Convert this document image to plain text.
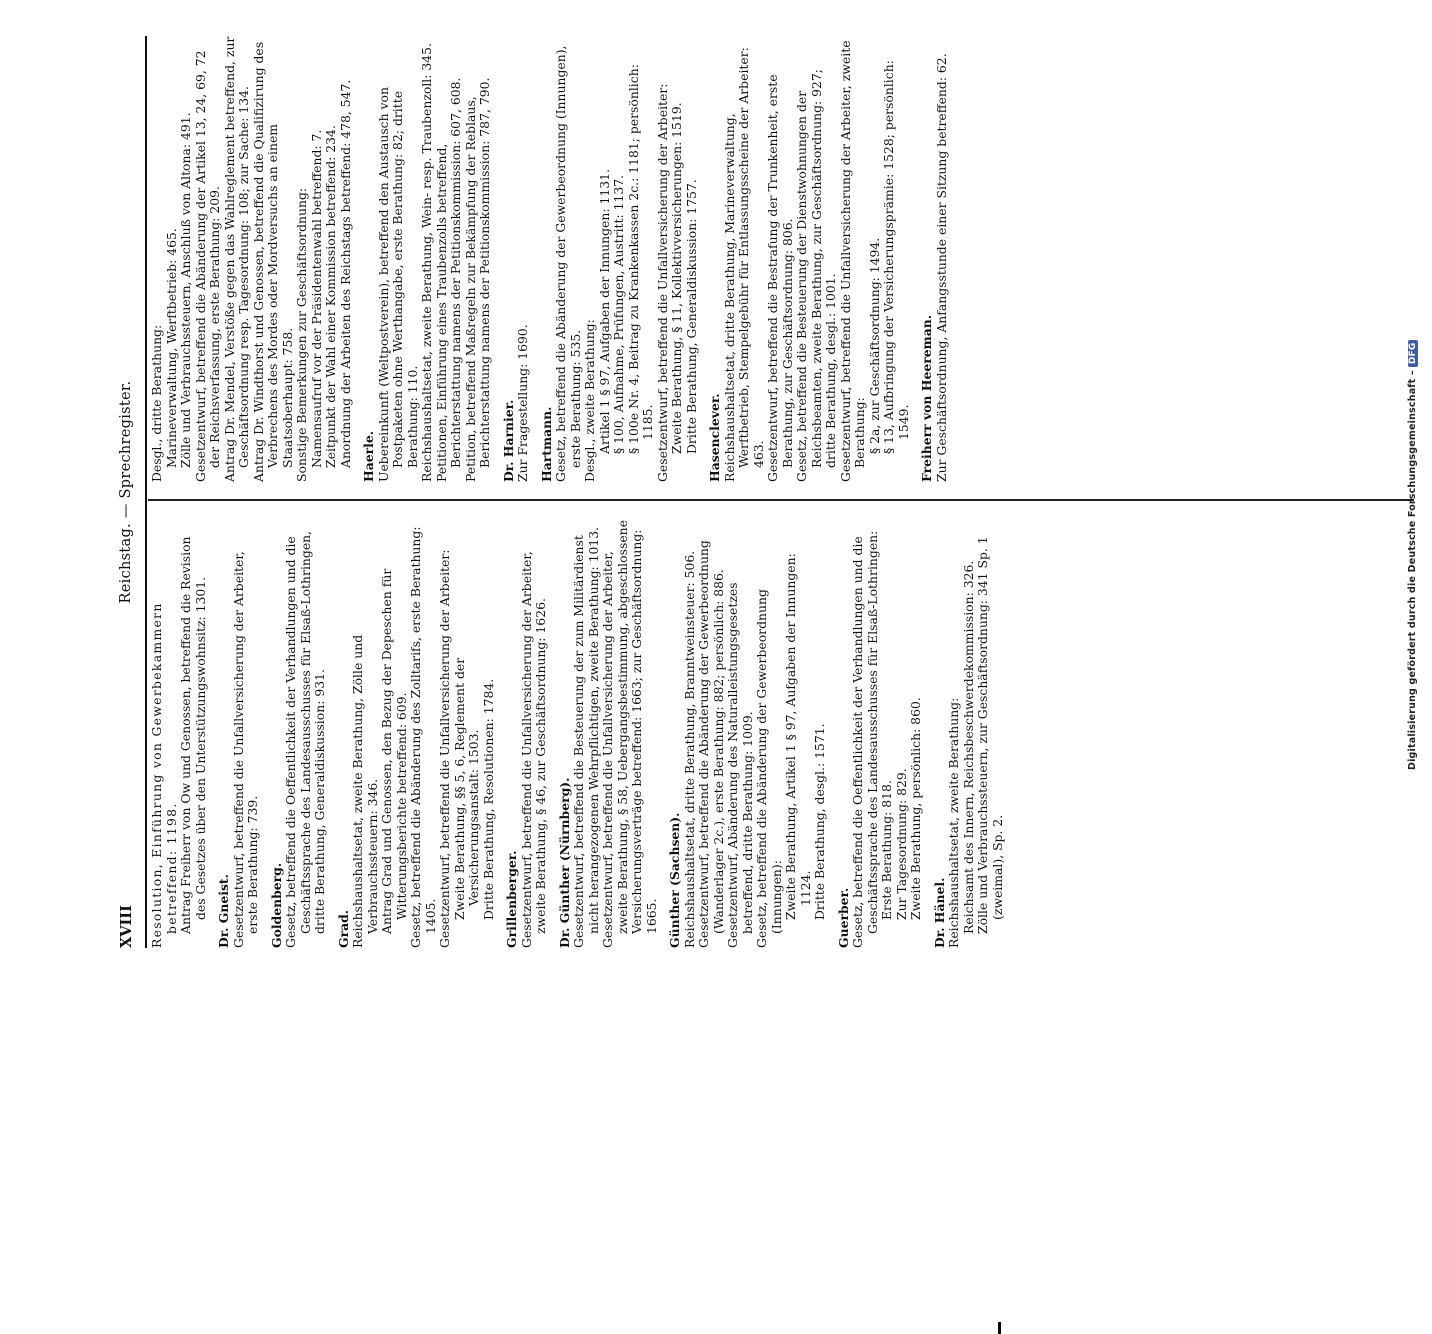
XVIII
Reichstag. — Sprechregister.
Resolution, Einführung von Gewerbekammern betreffend: 1198. Antrag Freiherr von Ow und Genossen, betreffend die Revision des Gesetzes über den Unterstützungswohnsitz: 1301. Dr. Gneist. Gesetzentwurf, betreffend die Unfallversicherung der Arbeiter, erste Berathung: 739. Goldenberg. Gesetz, betreffend die Oeffentlichkeit der Verhandlungen und die Geschäftssprache des Landesausschusses für Elsaß-Lothringen, dritte Berathung, Generaldiskussion: 931. Grad. Reichshaushaltsetat, zweite Berathung, Zölle und Verbrauchssteuern: 346. Antrag Grad und Genossen, den Bezug der Depeschen für Witterungsberichte betreffend: 609. Gesetz, betreffend die Abänderung des Zolltarifs, erste Berathung: 1405. Gesetzentwurf, betreffend die Unfallversicherung der Arbeiter: Zweite Berathung, §§ 5, 6, Reglement der Versicherungsanstalt: 1503. Dritte Berathung, Resolutionen: 1784. Grillenberger. Gesetzentwurf, betreffend die Unfallversicherung der Arbeiter, zweite Berathung, § 46, zur Geschäftsordnung: 1626. Dr. Günther (Nürnberg). Gesetzentwurf, betreffend die Besteuerung der zum Militärdienst nicht herangezogenen Wehrpflichtigen, zweite Berathung: 1013. Gesetzentwurf, betreffend die Unfallversicherung der Arbeiter, zweite Berathung, § 58, Uebergangsbestimmung, abgeschlossene Versicherungsverträge betreffend: 1663; zur Geschäftsordnung: 1665. Günther (Sachsen). Reichshaushaltsetat, dritte Berathung, Branntweinsteuer: 506. Gesetzentwurf, betreffend die Abänderung der Gewerbeordnung (Wanderlager 2c.), erste Berathung: 882; persönlich: 886. Gesetzentwurf, Abänderung des Naturalleistungsgesetzes betreffend, dritte Berathung: 1009. Gesetz, betreffend die Abänderung der Gewerbeordnung (Innungen): Zweite Berathung, Artikel 1 § 97, Aufgaben der Innungen: 1124. Dritte Berathung, desgl.: 1571. Guerber. Gesetz, betreffend die Oeffentlichkeit der Verhandlungen und die Geschäftssprache des Landesausschusses für Elsaß-Lothringen: Erste Berathung: 818. Zur Tagesordnung: 829. Zweite Berathung, persönlich: 860. Dr. Hänel. Reichshaushaltsetat, zweite Berathung: Reichsamt des Innern, Reichsbeschwerdekommission: 326. Zölle und Verbrauchssteuern, zur Geschäftsordnung: 341 Sp. 1 (zweimal), Sp. 2.
Desgl., dritte Berathung: Marineverwaltung, Werftbetrieb: 465. Zölle und Verbrauchssteuern, Anschluß von Altona: 491. Gesetzentwurf, betreffend die Abänderung der Artikel 13, 24, 69, 72 der Reichsverfassung, erste Berathung: 209. Antrag Dr. Mendel, Verstöße gegen das Wahlreglement betreffend, zur Geschäftsordnung resp. Tagesordnung: 108; zur Sache: 134. Antrag Dr. Windthorst und Genossen, betreffend die Qualifizirung des Verbrechens des Mordes oder Mordversuchs an einem Staatsoberhaupt: 758. Sonstige Bemerkungen zur Geschäftsordnung: Namensaufruf vor der Präsidentenwahl betreffend: 7. Zeitpunkt der Wahl einer Kommission betreffend: 234. Anordnung der Arbeiten des Reichstags betreffend: 478, 547. Haerle. Uebereinkunft (Weltpostverein), betreffend den Austausch von Postpaketen ohne Werthangabe, erste Berathung: 82; dritte Berathung: 110. Reichshaushaltsetat, zweite Berathung, Wein- resp. Traubenzoll: 345. Petitionen, Einführung eines Traubenzolls betreffend, Berichterstattung namens der Petitionskommission: 607, 608. Petition, betreffend Maßregeln zur Bekämpfung der Reblaus, Berichterstattung namens der Petitionskommission: 787, 790. Dr. Harnier. Zur Fragestellung: 1690. Hartmann. Gesetz, betreffend die Abänderung der Gewerbeordnung (Innungen), erste Berathung: 535. Desgl., zweite Berathung: Artikel 1 § 97, Aufgaben der Innungen: 1131. § 100, Aufnahme, Prüfungen, Austritt: 1137. § 100e Nr. 4, Beitrag zu Krankenkassen 2c.: 1181; persönlich: 1185. Gesetzentwurf, betreffend die Unfallversicherung der Arbeiter: Zweite Berathung, § 11, Kollektivversicherungen: 1519. Dritte Berathung, Generaldiskussion: 1757. Hasenclever. Reichshaushaltsetat, dritte Berathung, Marineverwaltung, Werftbetrieb, Stempelgebühr für Entlassungsscheine der Arbeiter: 463. Gesetzentwurf, betreffend die Bestrafung der Trunkenheit, erste Berathung, zur Geschäftsordnung: 806. Gesetz, betreffend die Besteuerung der Dienstwohnungen der Reichsbeamten, zweite Berathung, zur Geschäftsordnung: 927; dritte Berathung, desgl.: 1001. Gesetzentwurf, betreffend die Unfallversicherung der Arbeiter, zweite Berathung: § 2a, zur Geschäftsordnung: 1494. § 13, Aufbringung der Versicherungsprämie: 1528; persönlich: 1549. Freiherr von Heereman. Zur Geschäftsordnung, Anfangsstunde einer Sitzung betreffend: 62.
Digitalisierung gefördert durch die Deutsche Forschungsgemeinschaft –DFG
